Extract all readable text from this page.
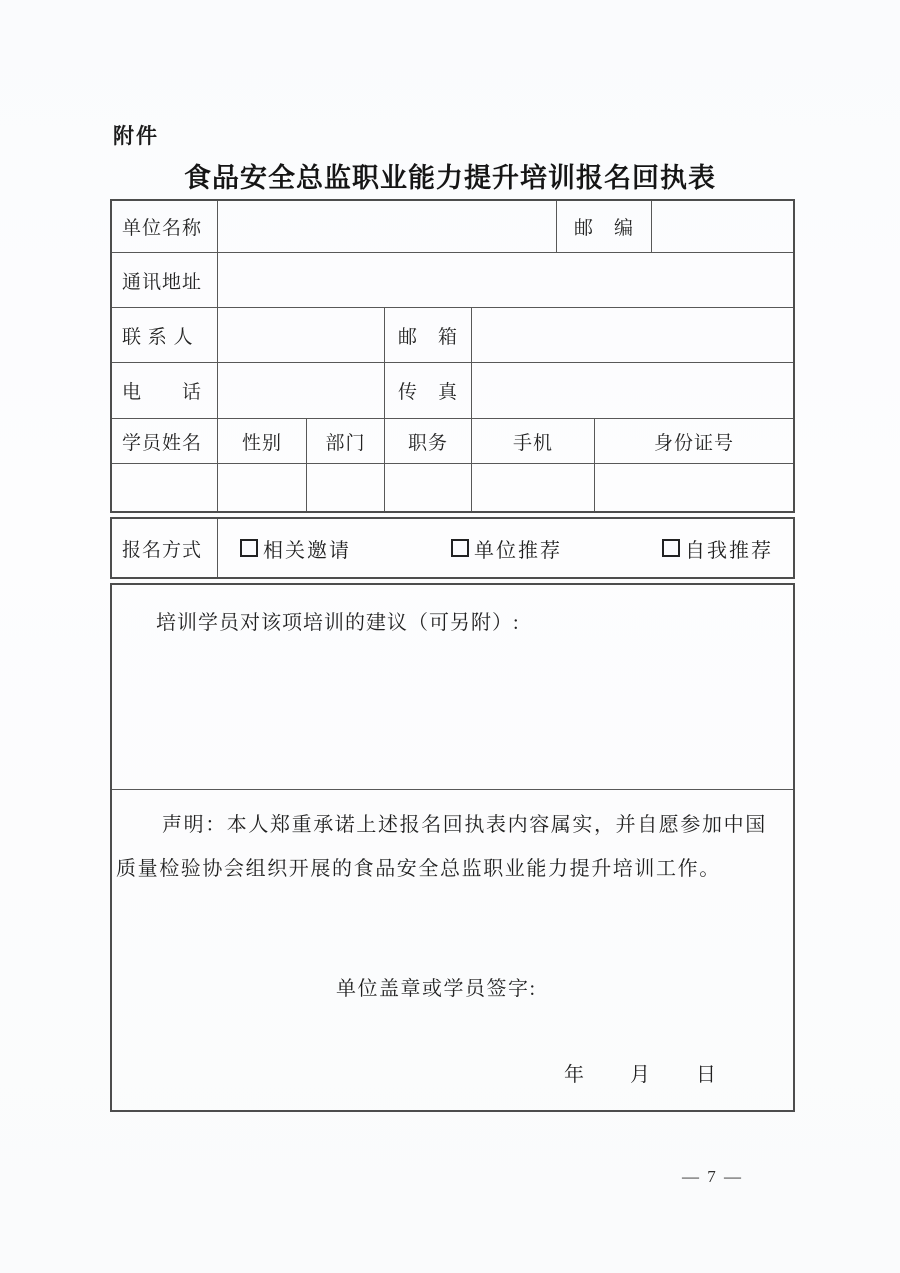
附件
食品安全总监职业能力提升培训报名回执表
单位名称	邮　编
通讯地址
联 系 人	邮　箱
电　　话	传　真
学员姓名 性别 部门 职务	手机	身份证号
报名方式	相关邀请	单位推荐	自我推荐
培训学员对该项培训的建议（可另附）:
声明：本人郑重承诺上述报名回执表内容属实，并自愿参加中国
质量检验协会组织开展的食品安全总监职业能力提升培训工作。
单位盖章或学员签字:
年　　月　　日
— 7 —
